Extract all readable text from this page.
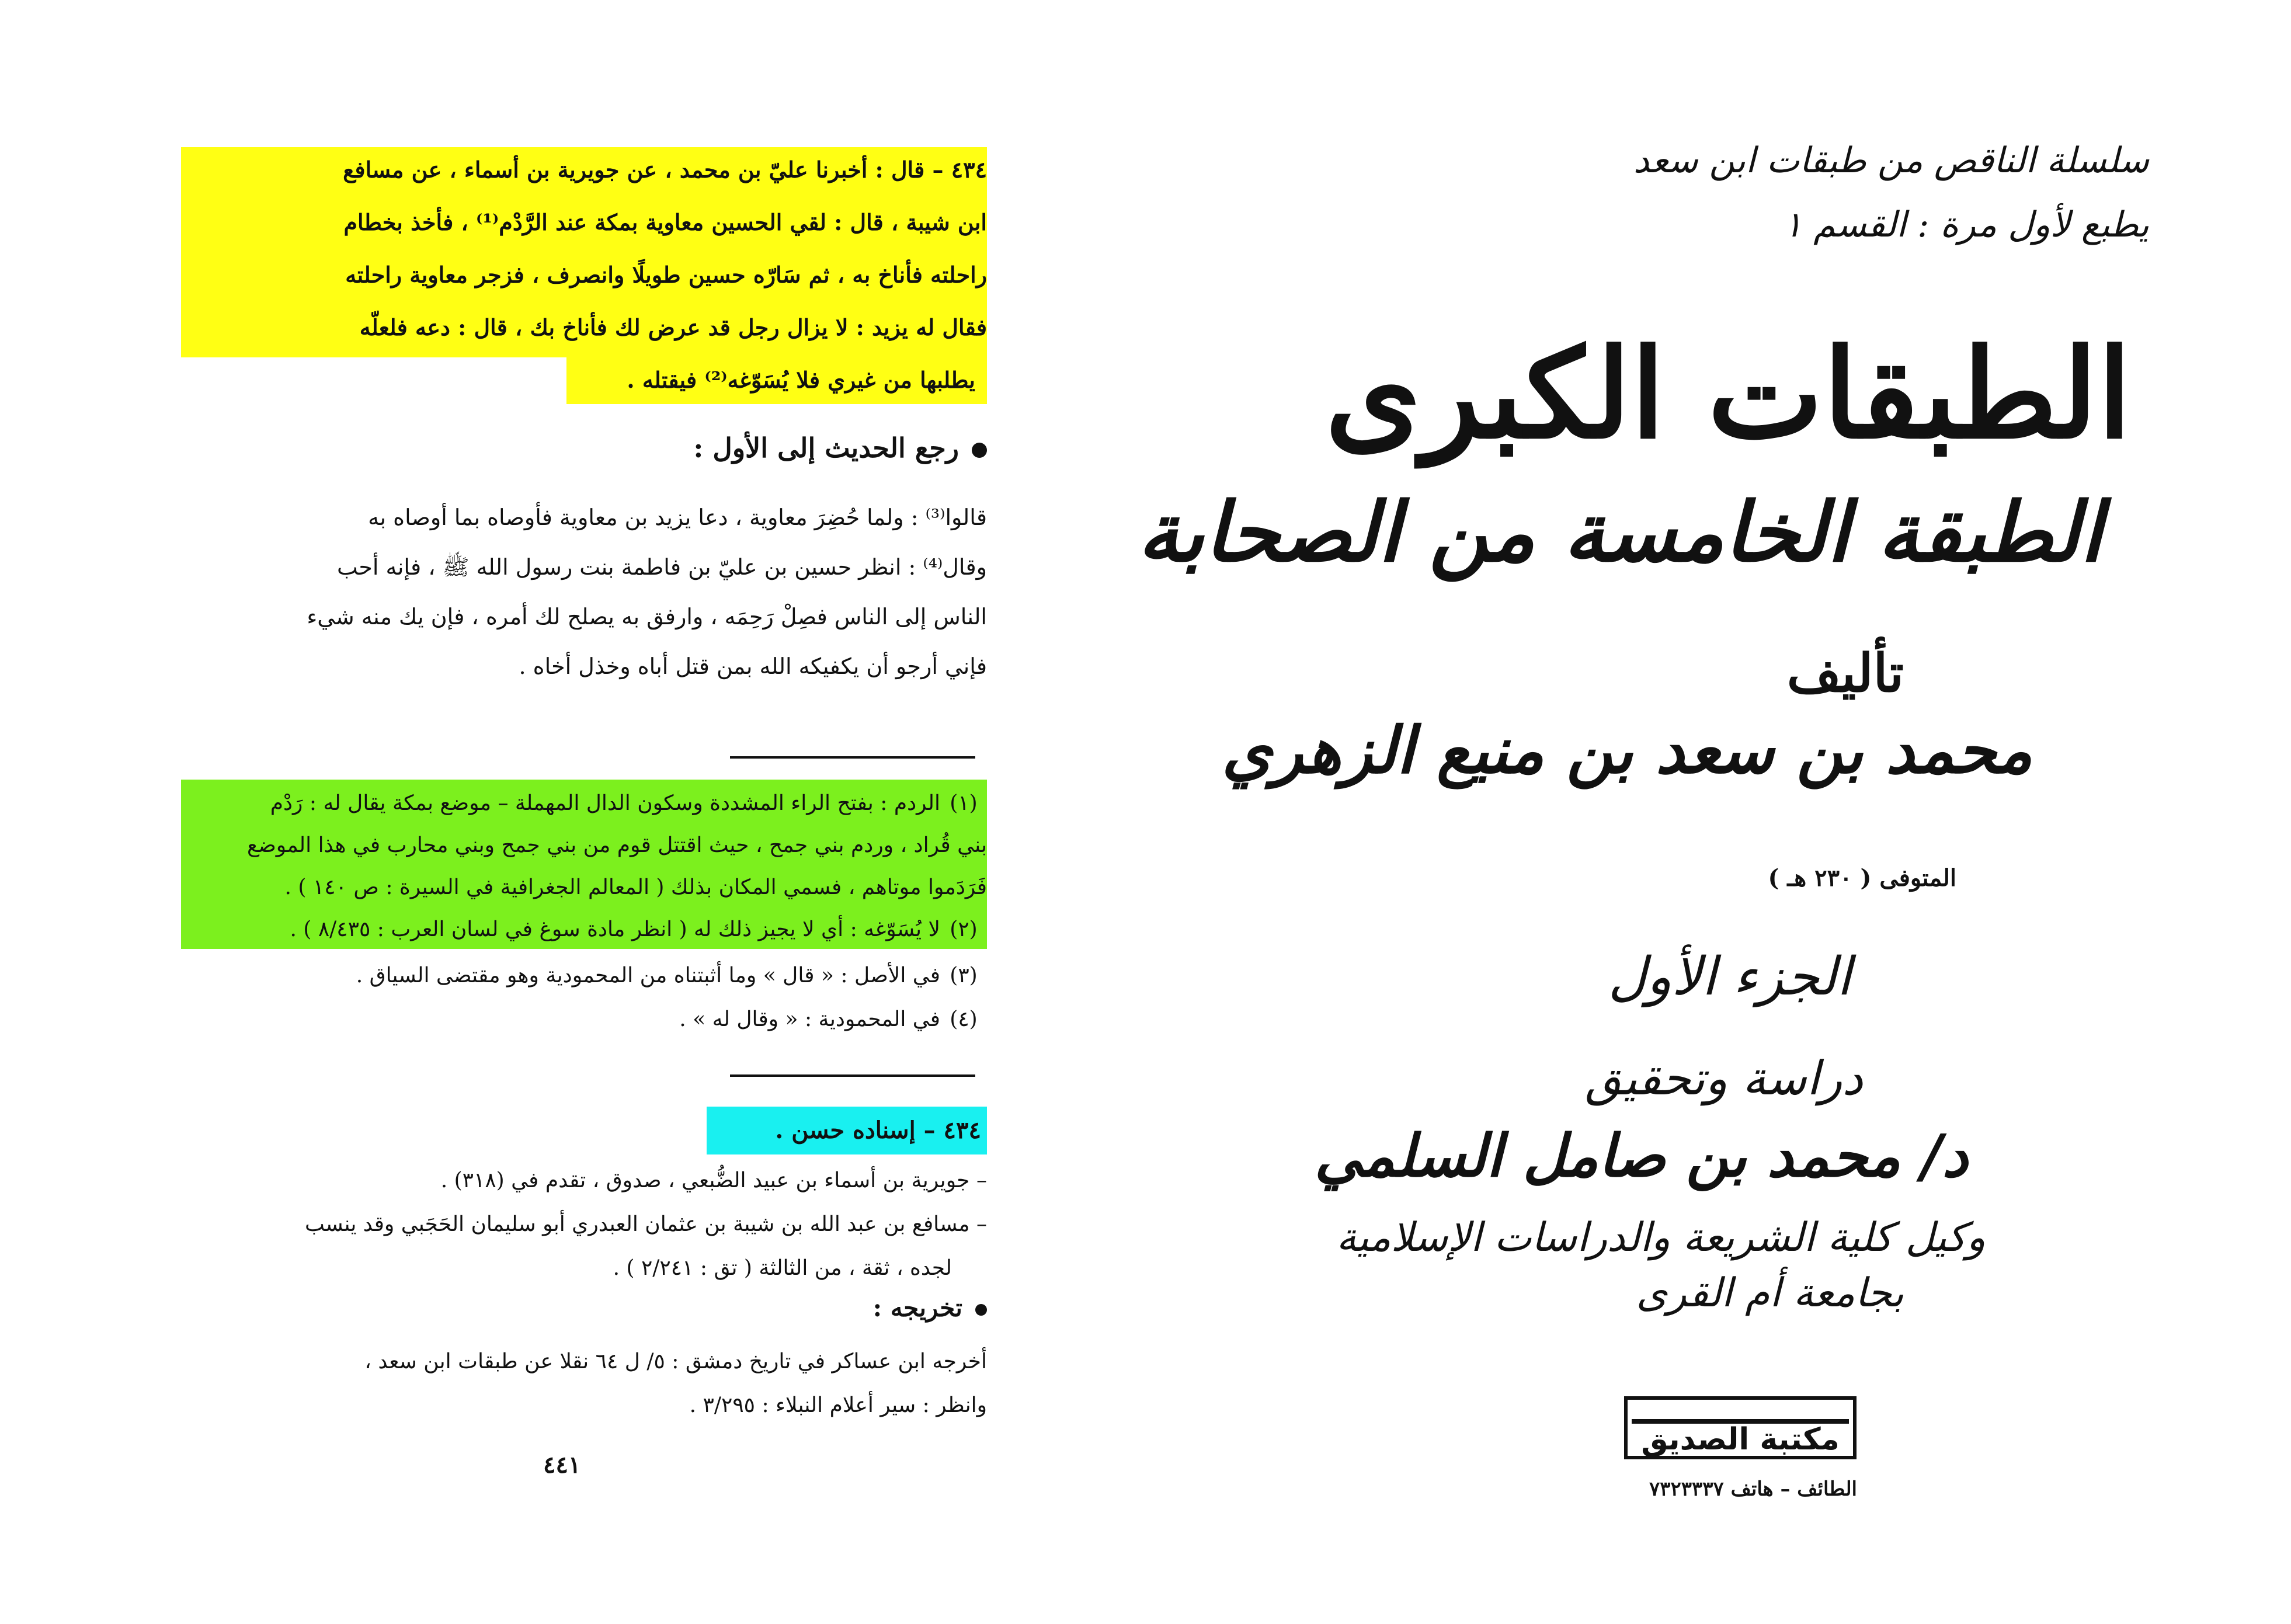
٤٣٤ – قال : أخبرنا عليّ بن محمد ، عن جويرية بن أسماء ، عن مسافع
ابن شيبة ، قال : لقي الحسين معاوية بمكة عند الرَّدْم⁽¹⁾ ، فأخذ بخطام
راحلته فأناخ به ، ثم سَارّه حسين طويلًا وانصرف ، فزجر معاوية راحلته
فقال له يزيد : لا يزال رجل قد عرض لك فأناخ بك ، قال : دعه فلعلّه
يطلبها من غيري فلا يُسَوّغه⁽²⁾ فيقتله .
رجع الحديث إلى الأول :
قالوا⁽³⁾ : ولما حُضِرَ معاوية ، دعا يزيد بن معاوية فأوصاه بما أوصاه به
وقال⁽⁴⁾ : انظر حسين بن عليّ بن فاطمة بنت رسول الله ﷺ ، فإنه أحب
الناس إلى الناس فصِلْ رَحِمَه ، وارفق به يصلح لك أمره ، فإن يك منه شيء
فإني أرجو أن يكفيكه الله بمن قتل أباه وخذل أخاه .
(١)الردم : بفتح الراء المشددة وسكون الدال المهملة – موضع بمكة يقال له : رَدْم
بني قُراد ، وردم بني جمح ، حيث اقتتل قوم من بني جمح وبني محارب في هذا الموضع
فَرَدَموا موتاهم ، فسمي المكان بذلك ( المعالم الجغرافية في السيرة : ص ١٤٠ ) .
(٢)لا يُسَوّغه : أي لا يجيز ذلك له ( انظر مادة سوغ في لسان العرب : ٨/٤٣٥ ) .
(٣)في الأصل : « قال » وما أثبتناه من المحمودية وهو مقتضى السياق .
(٤)في المحمودية : « وقال له » .
٤٣٤ – إسناده حسن .
– جويرية بن أسماء بن عبيد الضُّبعي ، صدوق ، تقدم في (٣١٨) .
– مسافع بن عبد الله بن شيبة بن عثمان العبدري أبو سليمان الحَجَبي وقد ينسب
لجده ، ثقة ، من الثالثة ( تق : ٢/٢٤١ ) .
تخريجه :
أخرجه ابن عساكر في تاريخ دمشق : ٥/ ل ٦٤ نقلا عن طبقات ابن سعد ،
وانظر : سير أعلام النبلاء : ٣/٢٩٥ .
٤٤١
سلسلة الناقص من طبقات ابن سعد
يطبع لأول مرة : القسم ١
الطبقات الكبرى
الطبقة الخامسة من الصحابة
تأليف
محمد بن سعد بن منيع الزهري
المتوفى ( ٢٣٠ هـ )
الجزء الأول
دراسة وتحقيق
د/ محمد بن صامل السلمي
وكيل كلية الشريعة والدراسات الإسلامية
بجامعة أم القرى
مكتبة الصديق
الطائف – هاتف ٧٣٢٣٣٣٧
